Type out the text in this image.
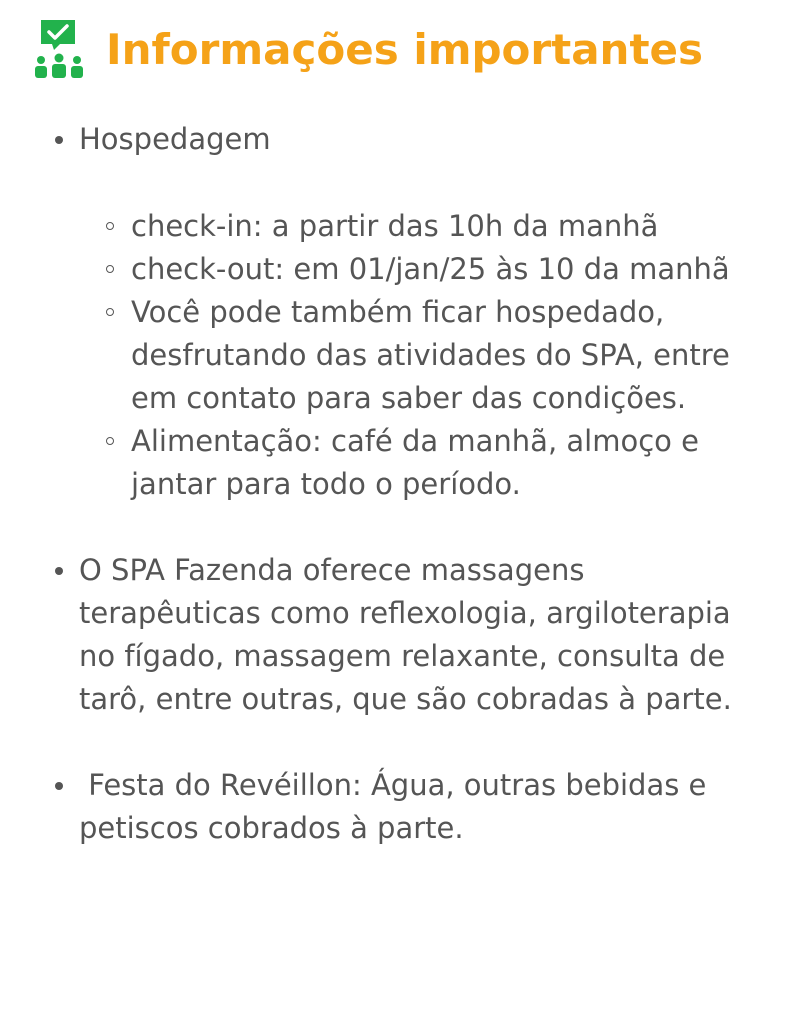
Informações importantes
Hospedagem
check-in: a partir das 10h da manhã
check-out: em 01/jan/25 às 10 da manhã
Você pode também ficar hospedado, desfrutando das atividades do SPA, entre em contato para saber das condições.
Alimentação: café da manhã, almoço e jantar para todo o período.
O SPA Fazenda oferece massagens terapêuticas como reflexologia, argiloterapia no fígado, massagem relaxante, consulta de tarô, entre outras, que são cobradas à parte.
Festa do Revéillon: Água, outras bebidas e petiscos cobrados à parte.
